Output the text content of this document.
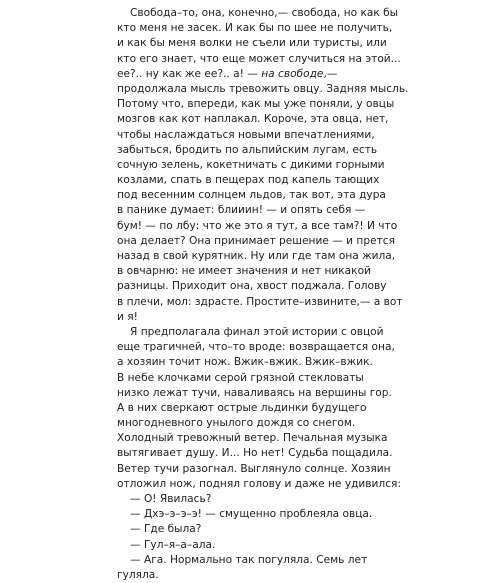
Свобода–то, она, конечно,— свобода, но как бы
кто меня не засек. И как бы по шее не получить,
и как бы меня волки не съели или туристы, или
кто его знает, что еще может случиться на этой...
ee?.. ну как же ее?.. а! — на свободе,—
продолжала мысль тревожить овцу. Задняя мысль.
Потому что, впереди, как мы уже поняли, у овцы
мозгов как кот наплакал. Короче, эта овца, нет,
чтобы наслаждаться новыми впечатлениями,
забыться, бродить по альпийским лугам, есть
сочную зелень, кокетничать с дикими горными
козлами, спать в пещерах под капель тающих
под весенним солнцем льдов, так вот, эта дура
в панике думает: блииин! — и опять себя —
бум! — по лбу: что же это я тут, а все там?! И что
она делает? Она принимает решение — и прется
назад в свой курятник. Ну или где там она жила,
в овчарню: не имеет значения и нет никакой
разницы. Приходит она, хвост поджала. Голову
в плечи, мол: здрасте. Простите–извините,— а вот
и я!
Я предполагала финал этой истории с овцой
еще трагичней, что–то вроде: возвращается она,
а хозяин точит нож. Вжик–вжик. Вжик–вжик.
В небе клочками серой грязной стекловаты
низко лежат тучи, наваливаясь на вершины гор.
А в них сверкают острые льдинки будущего
многодневного унылого дождя со снегом.
Холодный тревожный ветер. Печальная музыка
вытягивает душу. И... Но нет! Судьба пощадила.
Ветер тучи разогнал. Выглянуло солнце. Хозяин
отложил нож, поднял голову и даже не удивился:
— О! Явилась?
— Дхэ–э–э–э! — смущенно проблеяла овца.
— Где была?
— Гул–я–а–ала.
— Ага. Нормально так погуляла. Семь лет
гуляла.
